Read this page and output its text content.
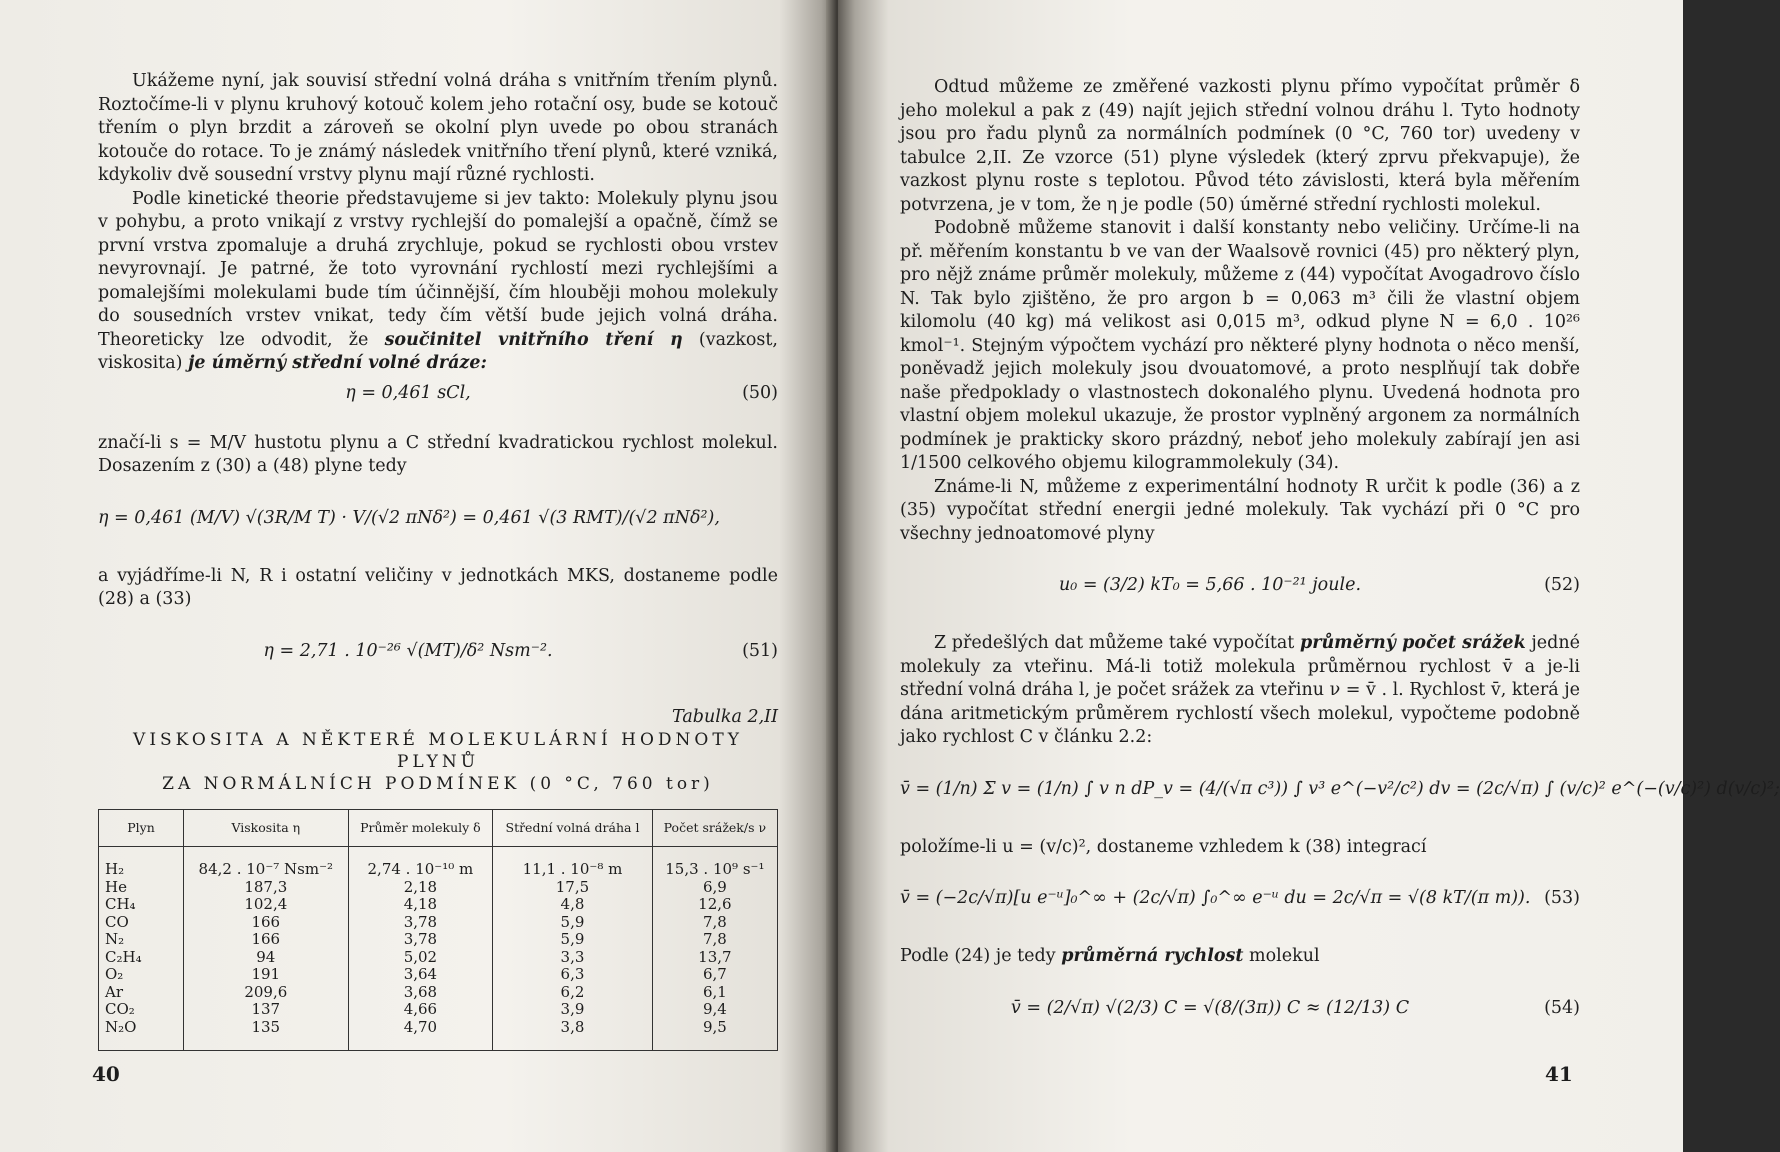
Ukážeme nyní, jak souvisí střední volná dráha s vnitřním třením plynů. Roztočíme-li v plynu kruhový kotouč kolem jeho rotační osy, bude se kotouč třením o plyn brzdit a zároveň se okolní plyn uvede po obou stranách kotouče do rotace. To je známý následek vnitřního tření plynů, které vzniká, kdykoliv dvě sousední vrstvy plynu mají různé rychlosti.

Podle kinetické theorie představujeme si jev takto: Molekuly plynu jsou v pohybu, a proto vnikají z vrstvy rychlejší do pomalejší a opačně, čímž se první vrstva zpomaluje a druhá zrychluje, pokud se rychlosti obou vrstev nevyrovnají. Je patrné, že toto vyrovnání rychlostí mezi rychlejšími a pomalejšími molekulami bude tím účinnější, čím hlouběji mohou molekuly do sousedních vrstev vnikat, tedy čím větší bude jejich volná dráha. Theoreticky lze odvodit, že součinitel vnitřního tření η (vazkost, viskosita) je úměrný střední volné dráze:

η = 0,461 sCl,	(50)

značí-li s = M/V hustotu plynu a C střední kvadratickou rychlost molekul. Dosazením z (30) a (48) plyne tedy

η = 0,461 (M/V) √(3R/M T) · V/(√2 πNδ²) = 0,461 √(3 RMT)/(√2 πNδ²),

a vyjádříme-li N, R i ostatní veličiny v jednotkách MKS, dostaneme podle (28) a (33)

η = 2,71 . 10⁻²⁶ √(MT)/δ² Nsm⁻².	(51)
Tabulka 2,II
VISKOSITA A NĚKTERÉ MOLEKULÁRNÍ HODNOTY PLYNŮ
ZA NORMÁLNÍCH PODMÍNEK (0 °C, 760 tor)
Plyn	Viskosita η	Průměr molekuly δ	Střední volná dráha l	Počet srážek/s ν
H₂	84,2 . 10⁻⁷ Nsm⁻²	2,74 . 10⁻¹⁰ m	11,1 . 10⁻⁸ m	15,3 . 10⁹ s⁻¹
He	187,3	2,18	17,5	6,9
CH₄	102,4	4,18	4,8	12,6
CO	166	3,78	5,9	7,8
N₂	166	3,78	5,9	7,8
C₂H₄	94	5,02	3,3	13,7
O₂	191	3,64	6,3	6,7
Ar	209,6	3,68	6,2	6,1
CO₂	137	4,66	3,9	9,4
N₂O	135	4,70	3,8	9,5
40

Odtud můžeme ze změřené vazkosti plynu přímo vypočítat průměr δ jeho molekul a pak z (49) najít jejich střední volnou dráhu l. Tyto hodnoty jsou pro řadu plynů za normálních podmínek (0 °C, 760 tor) uvedeny v tabulce 2,II. Ze vzorce (51) plyne výsledek (který zprvu překvapuje), že vazkost plynu roste s teplotou. Původ této závislosti, která byla měřením potvrzena, je v tom, že η je podle (50) úměrné střední rychlosti molekul.

Podobně můžeme stanovit i další konstanty nebo veličiny. Určíme-li na př. měřením konstantu b ve van der Waalsově rovnici (45) pro některý plyn, pro nějž známe průměr molekuly, můžeme z (44) vypočítat Avogadrovo číslo N. Tak bylo zjištěno, že pro argon b = 0,063 m³ čili že vlastní objem kilomolu (40 kg) má velikost asi 0,015 m³, odkud plyne N = 6,0 . 10²⁶ kmol⁻¹. Stejným výpočtem vychází pro některé plyny hodnota o něco menší, poněvadž jejich molekuly jsou dvouatomové, a proto nesplňují tak dobře naše předpoklady o vlastnostech dokonalého plynu. Uvedená hodnota pro vlastní objem molekul ukazuje, že prostor vyplněný argonem za normálních podmínek je prakticky skoro prázdný, neboť jeho molekuly zabírají jen asi 1/1500 celkového objemu kilogrammolekuly (34).

Známe-li N, můžeme z experimentální hodnoty R určit k podle (36) a z (35) vypočítat střední energii jedné molekuly. Tak vychází při 0 °C pro všechny jednoatomové plyny

u₀ = (3/2) kT₀ = 5,66 . 10⁻²¹ joule.	(52)

Z předešlých dat můžeme také vypočítat průměrný počet srážek jedné molekuly za vteřinu. Má-li totiž molekula průměrnou rychlost v̄ a je-li střední volná dráha l, je počet srážek za vteřinu ν = v̄ . l. Rychlost v̄, která je dána aritmetickým průměrem rychlostí všech molekul, vypočteme podobně jako rychlost C v článku 2.2:

v̄ = (1/n) Σ v = (1/n) ∫ v n dP_v = (4/(√π c³)) ∫ v³ e^(−v²/c²) dv = (2c/√π) ∫ (v/c)² e^(−(v/c)²) d(v/c)²;

položíme-li u = (v/c)², dostaneme vzhledem k (38) integrací

v̄ = (−2c/√π)[u e⁻ᵘ]₀^∞ + (2c/√π) ∫₀^∞ e⁻ᵘ du = 2c/√π = √(8 kT/(π m)). (53)

Podle (24) je tedy průměrná rychlost molekul

v̄ = (2/√π) √(2/3) C = √(8/(3π)) C ≈ (12/13) C	(54)
41
